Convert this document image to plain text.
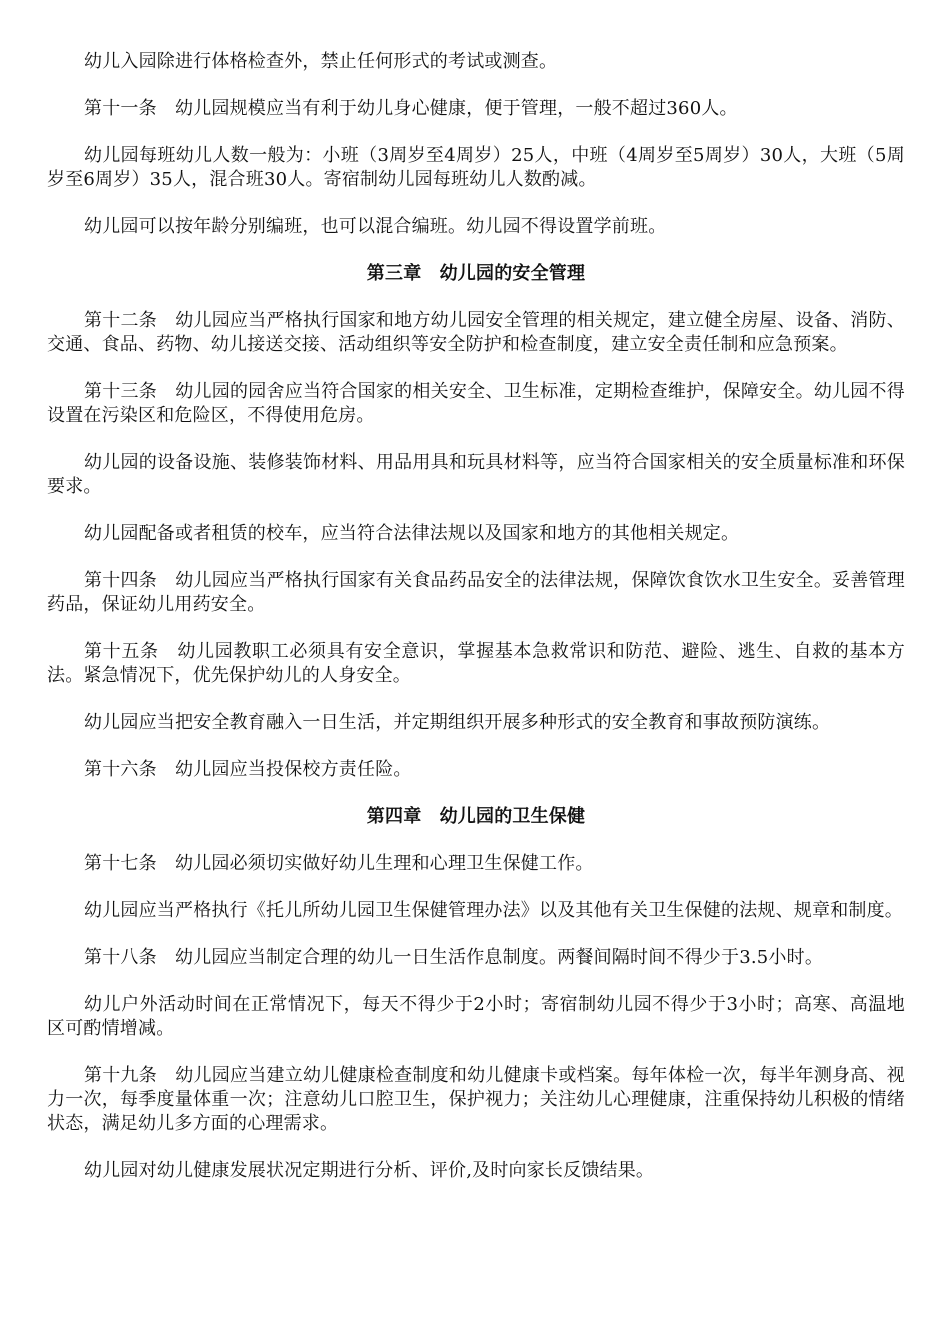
幼儿入园除进行体格检查外，禁止任何形式的考试或测查。

第十一条　幼儿园规模应当有利于幼儿身心健康，便于管理，一般不超过360人。

幼儿园每班幼儿人数一般为：小班（3周岁至4周岁）25人，中班（4周岁至5周岁）30人，大班（5周岁至6周岁）35人，混合班30人。寄宿制幼儿园每班幼儿人数酌减。

幼儿园可以按年龄分别编班，也可以混合编班。幼儿园不得设置学前班。

第三章　幼儿园的安全管理

第十二条　幼儿园应当严格执行国家和地方幼儿园安全管理的相关规定，建立健全房屋、设备、消防、交通、食品、药物、幼儿接送交接、活动组织等安全防护和检查制度，建立安全责任制和应急预案。

第十三条　幼儿园的园舍应当符合国家的相关安全、卫生标准，定期检查维护，保障安全。幼儿园不得设置在污染区和危险区，不得使用危房。

幼儿园的设备设施、装修装饰材料、用品用具和玩具材料等，应当符合国家相关的安全质量标准和环保要求。

幼儿园配备或者租赁的校车，应当符合法律法规以及国家和地方的其他相关规定。

第十四条　幼儿园应当严格执行国家有关食品药品安全的法律法规，保障饮食饮水卫生安全。妥善管理药品，保证幼儿用药安全。

第十五条　幼儿园教职工必须具有安全意识，掌握基本急救常识和防范、避险、逃生、自救的基本方法。紧急情况下，优先保护幼儿的人身安全。

幼儿园应当把安全教育融入一日生活，并定期组织开展多种形式的安全教育和事故预防演练。

第十六条　幼儿园应当投保校方责任险。

第四章　幼儿园的卫生保健

第十七条　幼儿园必须切实做好幼儿生理和心理卫生保健工作。

幼儿园应当严格执行《托儿所幼儿园卫生保健管理办法》以及其他有关卫生保健的法规、规章和制度。

第十八条　幼儿园应当制定合理的幼儿一日生活作息制度。两餐间隔时间不得少于3.5小时。

幼儿户外活动时间在正常情况下，每天不得少于2小时；寄宿制幼儿园不得少于3小时；高寒、高温地区可酌情增减。

第十九条　幼儿园应当建立幼儿健康检查制度和幼儿健康卡或档案。每年体检一次，每半年测身高、视力一次，每季度量体重一次；注意幼儿口腔卫生，保护视力；关注幼儿心理健康，注重保持幼儿积极的情绪状态，满足幼儿多方面的心理需求。

幼儿园对幼儿健康发展状况定期进行分析、评价,及时向家长反馈结果。
